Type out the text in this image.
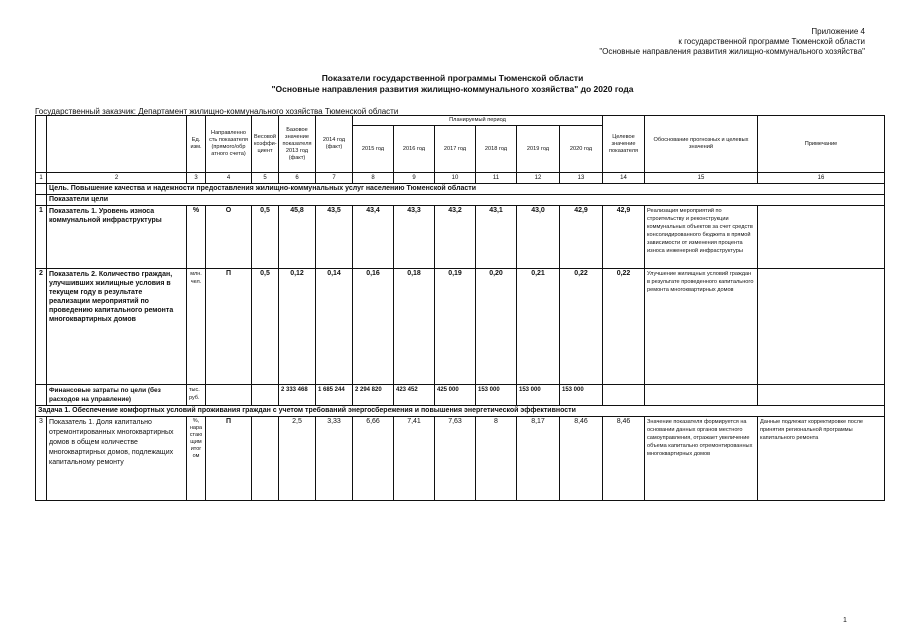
Приложение 4
к государственной программе Тюменской области
"Основные направления развития жилищно-коммунального хозяйства"
Показатели государственной программы Тюменской области
"Основные направления развития жилищно-коммунального хозяйства" до 2020 года
Государственный заказчик: Департамент жилищно-коммунального хозяйства Тюменской области
		Ед. изм.	Направленно сть показателя (прямого/обр атного счета)	Весовой коэффи- циент	Базовое значение показателя 2013 год (факт)	2014 год (факт)	Планируемый период						Целевое значение показателя	Обоснование прогнозных и целевых значений	Примечание
							2015 год	2016 год	2017 год	2018 год	2019 год	2020 год			
1	2	3	4	5	6	7	8	9	10	11	12	13	14	15	16
	Цель. Повышение качества и надежности предоставления жилищно-коммунальных услуг населению Тюменской области														
	Показатели цели														
1	Показатель 1. Уровень износа коммунальной инфраструктуры	%	О	0,5	45,8	43,5	43,4	43,3	43,2	43,1	43,0	42,9	42,9	Реализация мероприятий по строительству и реконструкции коммунальных объектов за счет средств консолидированного бюджета в прямой зависимости от изменения процента износа инженерной инфраструктуры	
2	Показатель 2. Количество граждан, улучшивших жилищные условия в текущем году в результате реализации мероприятий по проведению капитального ремонта многоквартирных домов	млн. чел.	П	0,5	0,12	0,14	0,16	0,18	0,19	0,20	0,21	0,22	0,22	Улучшение жилищных условий граждан в результате проведенного капитального ремонта многоквартирных домов	
	Финансовые затраты по цели (без расходов на управление)	тыс. руб.			2 333 468	1 685 244	2 294 820	423 452	425 000	153 000	153 000	153 000			
Задача 1. Обеспечение комфортных условий проживания граждан с учетом требований энергосбережения и повышения энергетической эффективности															
3	Показатель 1. Доля капитально отремонтированных многоквартирных домов в общем количестве многоквартирных домов, подлежащих капитальному ремонту	%, нара стаю щим итог ом	П		2,5	3,33	6,66	7,41	7,63	8	8,17	8,46	8,46	Значение показателя формируется на основании данных органов местного самоуправления, отражает увеличение объема капитально отремонтированных многоквартирных домов	Данные подлежат корректировке после принятия региональной программы капитального ремонта
1
